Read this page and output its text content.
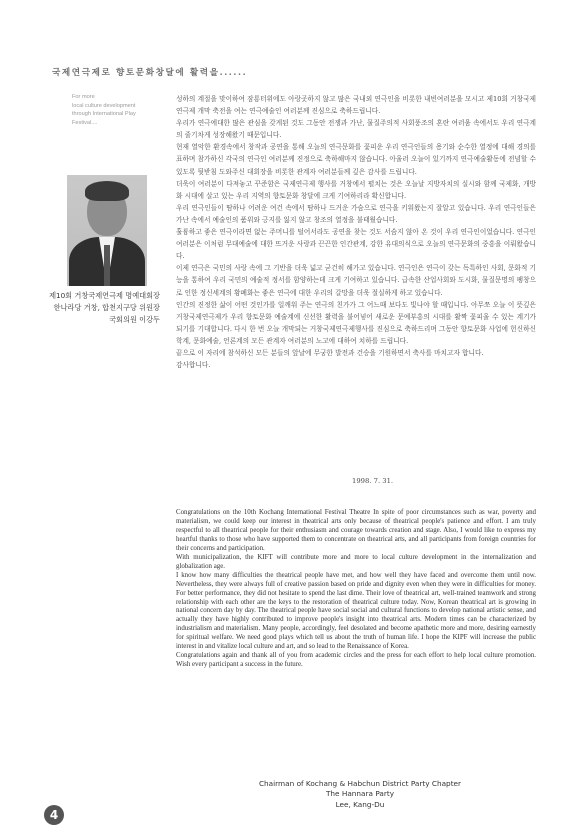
국제연극제로 향토문화창달에 활력을......
For more
local culture development
through International Play
Festival....
제10회 거창국제연극제 명예대회장
한나라당 거창, 합천지구당 위원장
국회의원 이강두

성하의 계절을 맞이하여 잠룡터위에도 아랑곳하지 않고 많은 국내외 연극인을 비롯한 내빈여러분을 모시고 제10회 거창국제연극제 개막 축전을 여는 연극예술인 여러분께 진심으로 축하드립니다.

우리가 연극에대한 많은 관심을 갖게된 것도 그동안 전쟁과 가난, 물질주의적 사회풍조의 혼란 여러움 속에서도 우리 연극계의 줄기차게 성장해왔기 때문입니다.

현재 열악한 환경속에서 창작과 공연을 통해 오늘의 연극문화를 꽃피운 우리 연극인들의 용기와 순수한 열정에 대해 경의를 표하며 참가하신 각국의 연극인 여러분께 진정으로 축하해마지 않습니다. 아울러 오늘이 있기까지 연극예술활동에 전념할 수 있도록 뒷받침 도와주신 대회장을 비롯한 관계자 여러분들께 깊은 감사를 드립니다.

더욱이 여러분이 다져놓고 꾸준함은 국제연극제 행사를 거창에서 펼치는 것은 오늘날 지방자치의 실시와 함께 국제화, 개방화 시대에 살고 있는 우리 지역의 향토문화 창달에 크게 기여하리라 확신합니다.

우리 연극인들이 땀하나 어려운 여건 속에서 땀하나 드거운 가슴으로 연극을 키워왔는지 잘알고 있습니다. 우리 연극인들은 가난 속에서 예술인의 품위와 긍지를 잃지 않고 창조의 열정을 불태웠습니다.

훌륭하고 좋은 연극이라면 없는 주머니를 털어서라도 공연을 찾는 것도 서슴지 않아 온 것이 우리 연극인이었습니다. 연극인 여러분은 이처럼 무대예술에 대한 뜨거운 사랑과 끈끈한 인간관계, 강한 유대의식으로 오늘의 연극문화의 중흥을 이뤄왔습니다.

이제 연극은 국민의 사랑 속에 그 기반을 더욱 넓고 굳건히 해가고 있습니다. 연극인은 연극이 갖는 독특하인 사회, 문화적 기능을 통하여 우리 국민의 예술적 정서를 함양하는데 크게 기여하고 있습니다. 급속한 산업사회와 도시화, 물질문명의 팽창으로 인한 정신세계의 황폐화는 좋은 연극에 대한 우리의 갈망을 더욱 절실하게 하고 있습니다.

인간의 진정한 삶이 어떤 것인가를 일깨워 주는 연극의 친가가 그 어느때 보다도 빛나야 할 때입니다. 아무쪼 오늘 이 뜻깊은 거창국제연극제가 우리 향토문화 예술계에 신선한 활력을 불어넣어 새로운 문예부흥의 시대를 활짝 꽃피울 수 있는 계기가 되기를 기대합니다. 다시 한 번 오늘 개막되는 거창국제연극제행사를 진심으로 축하드리며 그동안 향토문화 사업에 헌신하신 학계, 문화예술, 언론계의 모든 관계자 여러분의 노고에 대하여 치하를 드립니다.

끝으로 이 자리에 참석하신 모든 분들의 앞날에 무궁한 발전과 건승을 기원하면서 축사를 마치고자 합니다.

감사합니다.

1998. 7. 31.

Congratulations on the 10th Kochang International Festival Theatre In spite of poor circumstances such as war, poverty and materialism, we could keep our interest in theatrical arts only because of theatrical people's patience and effort. I am truly respectful to all theatrical people for their enthusiasm and courage towards creation and stage. Also, I would like to express my heartful thanks to those who have supported them to concentrate on theatrical arts, and all participants from foreign countries for their concerns and participation.

With municipalization, the KIFT will contribute more and more to local culture development in the internalization and globalization age.

I know how many difficulties the theatrical people have met, and how well they have faced and overcome them until now. Nevertheless, they were always full of creative passion based on pride and dignity even when they were in difficulties for money. For better performance, they did not hesitate to spend the last dime. Their love of theatrical art, well-trained teamwork and strong relationship with each other are the keys to the restoration of theatrical culture today. Now, Korean theatrical art is growing in national concern day by day. The theatrical people have social social and cultural functions to develop national artistic sense, and actually they have highly contributed to improve people's insight into theatrical arts. Modern times can be characterized by industrialism and materialism. Many people, accordingly, feel desolated and become apathetic more and more, desiring earnestly for spiritual welfare. We need good plays which tell us about the truth of human life. I hope the KIPF will increase the public interest in and vitalize local culture and art, and so lead to the Renaissance of Korea.

Congratulations again and thank all of you from academic circles and the press for each effort to help local culture promotion. Wish every participant a success in the future.

Chairman of Kochang & Habchun District Party Chapter
The Hannara Party
Lee, Kang-Du
4
